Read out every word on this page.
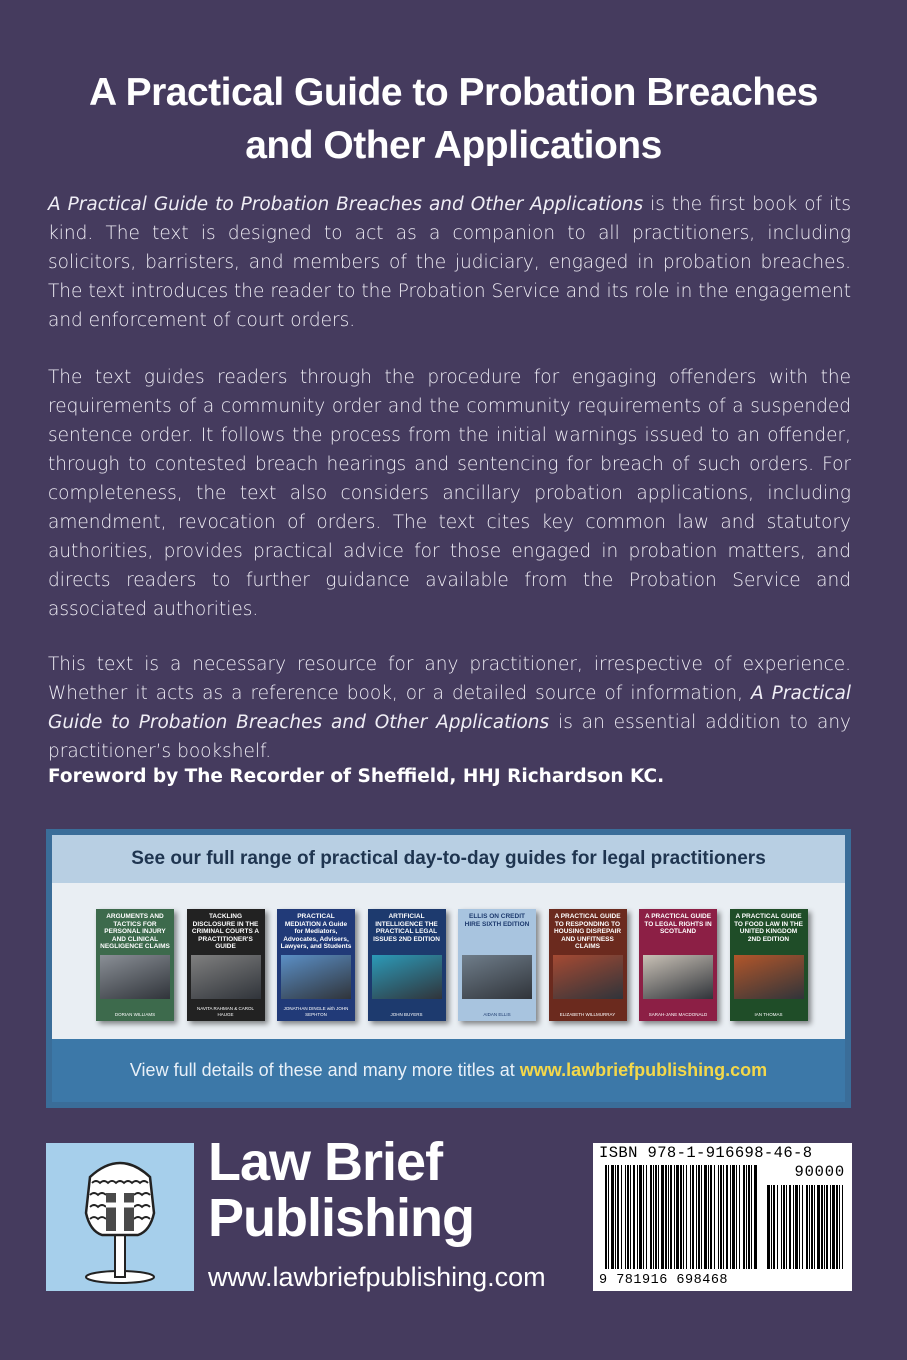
A Practical Guide to Probation Breaches
and Other Applications
A Practical Guide to Probation Breaches and Other Applications is the first book of its kind. The text is designed to act as a companion to all practitioners, including solicitors, barristers, and members of the judiciary, engaged in probation breaches. The text introduces the reader to the Probation Service and its role in the engagement and enforcement of court orders.
The text guides readers through the procedure for engaging offenders with the requirements of a community order and the community requirements of a suspended sentence order. It follows the process from the initial warnings issued to an offender, through to contested breach hearings and sentencing for breach of such orders. For completeness, the text also considers ancillary probation applications, including amendment, revocation of orders. The text cites key common law and statutory authorities, provides practical advice for those engaged in probation matters, and directs readers to further guidance available from the Probation Service and associated authorities.
This text is a necessary resource for any practitioner, irrespective of experience. Whether it acts as a reference book, or a detailed source of information, A Practical Guide to Probation Breaches and Other Applications is an essential addition to any practitioner’s bookshelf.
Foreword by The Recorder of Sheffield, HHJ Richardson KC.
See our full range of practical day-to-day guides for legal practitioners
ARGUMENTS AND TACTICS FOR PERSONAL INJURY AND CLINICAL NEGLIGENCE CLAIMS
DORIAN WILLIAMS
TACKLING DISCLOSURE IN THE CRIMINAL COURTS A PRACTITIONER'S GUIDE
NAVITA RAHMAN & CAROL HAUGE
PRACTICAL MEDIATION A Guide for Mediators, Advocates, Advisers, Lawyers, and Students
JONATHAN DINGLE with JOHN SEPHTON
ARTIFICIAL INTELLIGENCE THE PRACTICAL LEGAL ISSUES 2ND EDITION
JOHN BUYERS
ELLIS ON CREDIT HIRE SIXTH EDITION
AIDAN ELLIS
A PRACTICAL GUIDE TO RESPONDING TO HOUSING DISREPAIR AND UNFITNESS CLAIMS
ELIZABETH WILLMURRAY
A PRACTICAL GUIDE TO LEGAL RIGHTS IN SCOTLAND
SARAH-JANE MACDONALD
A PRACTICAL GUIDE TO FOOD LAW IN THE UNITED KINGDOM 2ND EDITION
IAN THOMAS
View full details of these and many more titles at www.lawbriefpublishing.com
Law Brief
Publishing
www.lawbriefpublishing.com
ISBN 978-1-916698-46-8
90000
9 781916 698468
